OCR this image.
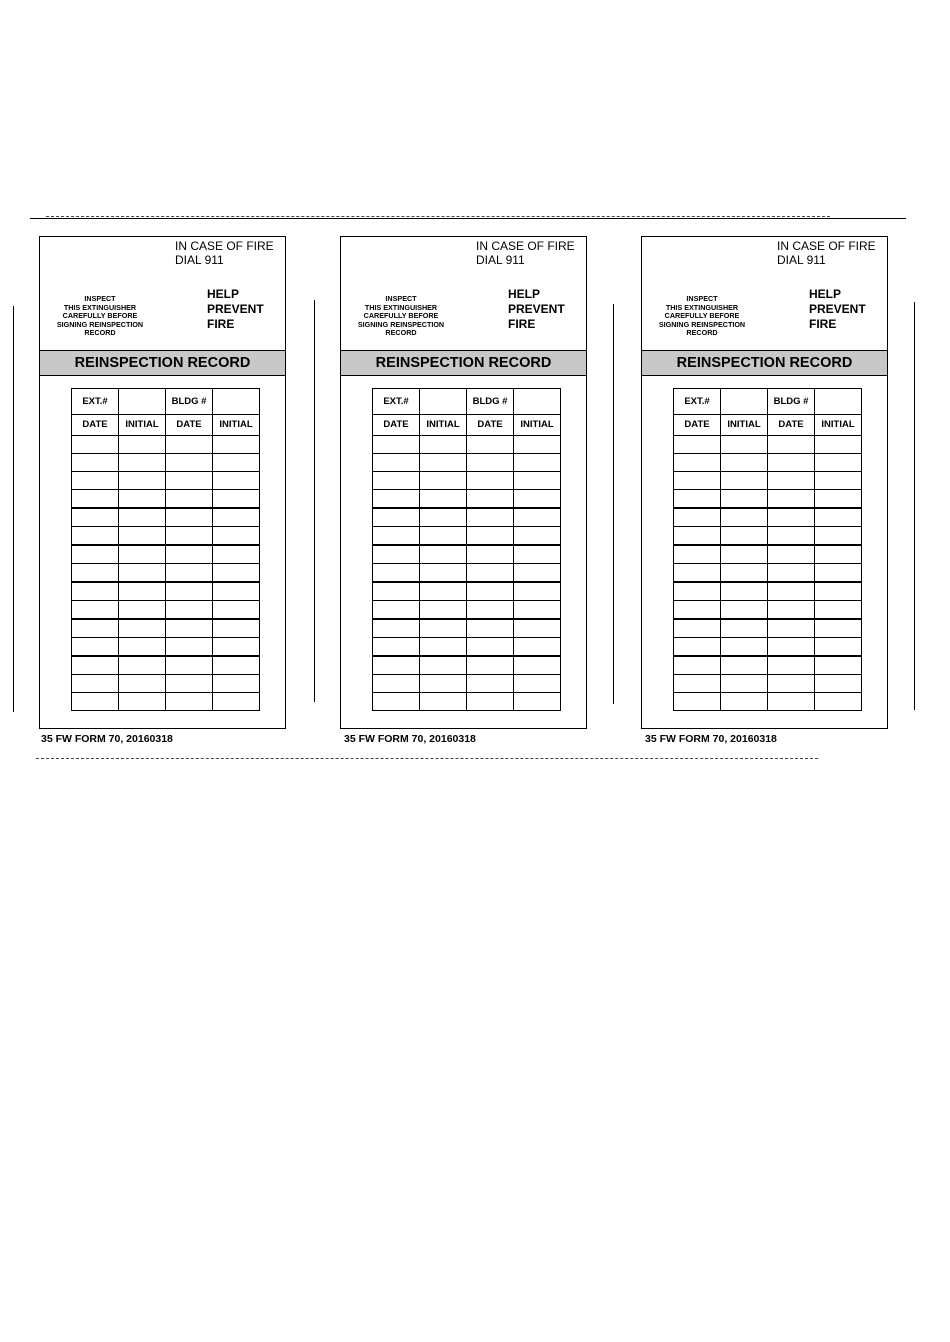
IN CASE OF FIRE
DIAL 911
INSPECT
THIS EXTINGUISHER
CAREFULLY BEFORE
SIGNING REINSPECTION
RECORD
HELP
PREVENT
FIRE
REINSPECTION RECORD
EXT.#		BLDG #	
DATE	INITIAL	DATE	INITIAL

35 FW FORM 70, 20160318
IN CASE OF FIRE
DIAL 911
INSPECT
THIS EXTINGUISHER
CAREFULLY BEFORE
SIGNING REINSPECTION
RECORD
HELP
PREVENT
FIRE
REINSPECTION RECORD
EXT.#		BLDG #	
DATE	INITIAL	DATE	INITIAL

35 FW FORM 70, 20160318
IN CASE OF FIRE
DIAL 911
INSPECT
THIS EXTINGUISHER
CAREFULLY BEFORE
SIGNING REINSPECTION
RECORD
HELP
PREVENT
FIRE
REINSPECTION RECORD
EXT.#		BLDG #	
DATE	INITIAL	DATE	INITIAL

35 FW FORM 70, 20160318
